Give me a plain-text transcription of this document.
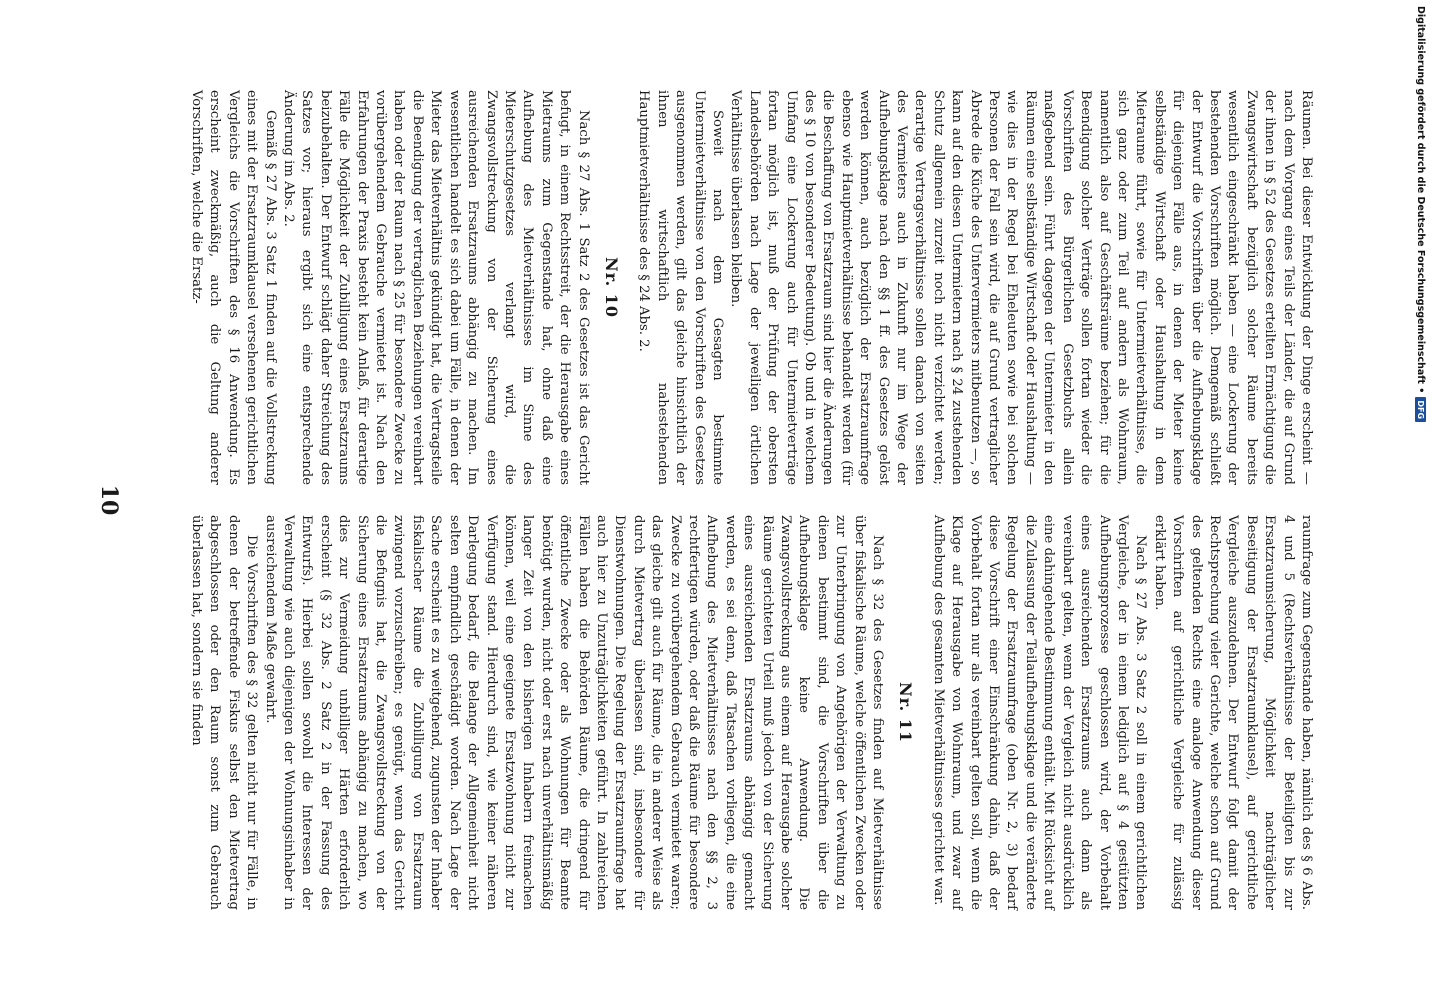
Räumen. Bei dieser Entwicklung der Dinge erscheint — nach dem Vorgang eines Teils der Länder, die auf Grund der ihnen in § 52 des Gesetzes erteilten Ermächtigung die Zwangswirtschaft bezüglich solcher Räume bereits wesentlich eingeschränkt haben — eine Lockerung der bestehenden Vorschriften möglich. Demgemäß schließt der Entwurf die Vorschriften über die Aufhebungsklage für diejenigen Fälle aus, in denen der Mieter keine selbständige Wirtschaft oder Haushaltung in dem Mietraume führt, sowie für Untermietverhältnisse, die sich ganz oder zum Teil auf andern als Wohnraum, namentlich also auf Geschäftsräume beziehen; für die Beendigung solcher Verträge sollen fortan wieder die Vorschriften des Bürgerlichen Gesetzbuchs allein maßgebend sein. Führt dagegen der Untermieter in den Räumen eine selbständige Wirtschaft oder Haushaltung — wie dies in der Regel bei Eheleuten sowie bei solchen Personen der Fall sein wird, die auf Grund vertraglicher Abrede die Küche des Untervermieters mitbenutzen —, so kann auf den diesen Untermietern nach § 24 zustehenden Schutz allgemein zurzeit noch nicht verzichtet werden; derartige Vertragsverhältnisse sollen danach von seiten des Vermieters auch in Zukunft nur im Wege der Aufhebungsklage nach den §§ 1 ff. des Gesetzes gelöst werden können, auch bezüglich der Ersatzraumfrage ebenso wie Hauptmietverhältnisse behandelt werden (für die Beschaffung von Ersatzraum sind hier die Änderungen des § 10 von besonderer Bedeutung). Ob und in welchem Umfang eine Lockerung auch für Untermietverträge fortan möglich ist, muß der Prüfung der obersten Landesbehörden nach Lage der jeweiligen örtlichen Verhältnisse überlassen bleiben.

Soweit nach dem Gesagten bestimmte Untermietverhältnisse von den Vorschriften des Gesetzes ausgenommen werden, gilt das gleiche hinsichtlich der ihnen wirtschaftlich nahestehenden Hauptmietverhältnisse des § 24 Abs. 2.

Nr. 10

Nach § 27 Abs. 1 Satz 2 des Gesetzes ist das Gericht befugt, in einem Rechtsstreit, der die Herausgabe eines Mietraums zum Gegenstande hat, ohne daß eine Aufhebung des Mietverhältnisses im Sinne des Mieterschutzgesetzes verlangt wird, die Zwangsvollstreckung von der Sicherung eines ausreichenden Ersatzraums abhängig zu machen. Im wesentlichen handelt es sich dabei um Fälle, in denen der Mieter das Mietverhältnis gekündigt hat, die Vertragsteile die Beendigung der vertraglichen Beziehungen vereinbart haben oder der Raum nach § 25 für besondere Zwecke zu vorübergehendem Gebrauche vermietet ist. Nach den Erfahrungen der Praxis besteht kein Anlaß, für derartige Fälle die Möglichkeit der Zubilligung eines Ersatzraums beizubehalten. Der Entwurf schlägt daher Streichung des Satzes vor; hieraus ergibt sich eine entsprechende Änderung im Abs. 2.

Gemäß § 27 Abs. 3 Satz 1 finden auf die Vollstreckung eines mit der Ersatzraumklausel versehenen gerichtlichen Vergleichs die Vorschriften des § 16 Anwendung. Es erscheint zweckmäßig, auch die Geltung anderer Vorschriften, welche die Ersatz-

raumfrage zum Gegenstande haben, nämlich des § 6 Abs. 4 und 5 (Rechtsverhältnisse der Beteiligten bis zur Ersatzraumsicherung, Möglichkeit nachträglicher Beseitigung der Ersatzraumklausel), auf gerichtliche Vergleiche auszudehnen. Der Entwurf folgt damit der Rechtsprechung vieler Gerichte, welche schon auf Grund des geltenden Rechts eine analoge Anwendung dieser Vorschriften auf gerichtliche Vergleiche für zulässig erklärt haben.

Nach § 27 Abs. 3 Satz 2 soll in einem gerichtlichen Vergleiche, der in einem lediglich auf § 4 gestützten Aufhebungsprozesse geschlossen wird, der Vorbehalt eines ausreichenden Ersatzraums auch dann als vereinbart gelten, wenn der Vergleich nicht ausdrücklich eine dahingehende Bestimmung enthält. Mit Rücksicht auf die Zulassung der Teilaufhebungsklage und die veränderte Regelung der Ersatzraumfrage (oben Nr. 2, 3) bedarf diese Vorschrift einer Einschränkung dahin, daß der Vorbehalt fortan nur als vereinbart gelten soll, wenn die Klage auf Herausgabe von Wohnraum, und zwar auf Aufhebung des gesamten Mietverhältnisses gerichtet war.

Nr. 11

Nach § 32 des Gesetzes finden auf Mietverhältnisse über fiskalische Räume, welche öffentlichen Zwecken oder zur Unterbringung von Angehörigen der Verwaltung zu dienen bestimmt sind, die Vorschriften über die Aufhebungsklage keine Anwendung. Die Zwangsvollstreckung aus einem auf Herausgabe solcher Räume gerichteten Urteil muß jedoch von der Sicherung eines ausreichenden Ersatzraums abhängig gemacht werden, es sei denn, daß Tatsachen vorliegen, die eine Aufhebung des Mietverhältnisses nach den §§ 2, 3 rechtfertigen würden, oder daß die Räume für besondere Zwecke zu vorübergehendem Gebrauch vermietet waren; das gleiche gilt auch für Räume, die in anderer Weise als durch Mietvertrag überlassen sind, insbesondere für Dienstwohnungen. Die Regelung der Ersatzraumfrage hat auch hier zu Unzuträglichkeiten geführt. In zahlreichen Fällen haben die Behörden Räume, die dringend für öffentliche Zwecke oder als Wohnungen für Beamte benötigt wurden, nicht oder erst nach unverhältnismäßig langer Zeit von den bisherigen Inhabern freimachen können, weil eine geeignete Ersatzwohnung nicht zur Verfügung stand. Hierdurch sind, wie keiner näheren Darlegung bedarf, die Belange der Allgemeinheit nicht selten empfindlich geschädigt worden. Nach Lage der Sache erscheint es zu weitgehend, zugunsten der Inhaber fiskalischer Räume die Zubilligung von Ersatzraum zwingend vorzuschreiben; es genügt, wenn das Gericht die Befugnis hat, die Zwangsvollstreckung von der Sicherung eines Ersatzraums abhängig zu machen, wo dies zur Vermeidung unbilliger Härten erforderlich erscheint (§ 32 Abs. 2 Satz 2 in der Fassung des Entwurfs). Hierbei sollen sowohl die Interessen der Verwaltung wie auch diejenigen der Wohnungsinhaber in ausreichendem Maße gewahrt.

Die Vorschriften des § 32 gelten nicht nur für Fälle, in denen der betreffende Fiskus selbst den Mietvertrag abgeschlossen oder den Raum sonst zum Gebrauch überlassen hat, sondern sie finden

10
Digitalisierung gefördert durch die Deutsche Forschungsgemeinschaft •
DFG
